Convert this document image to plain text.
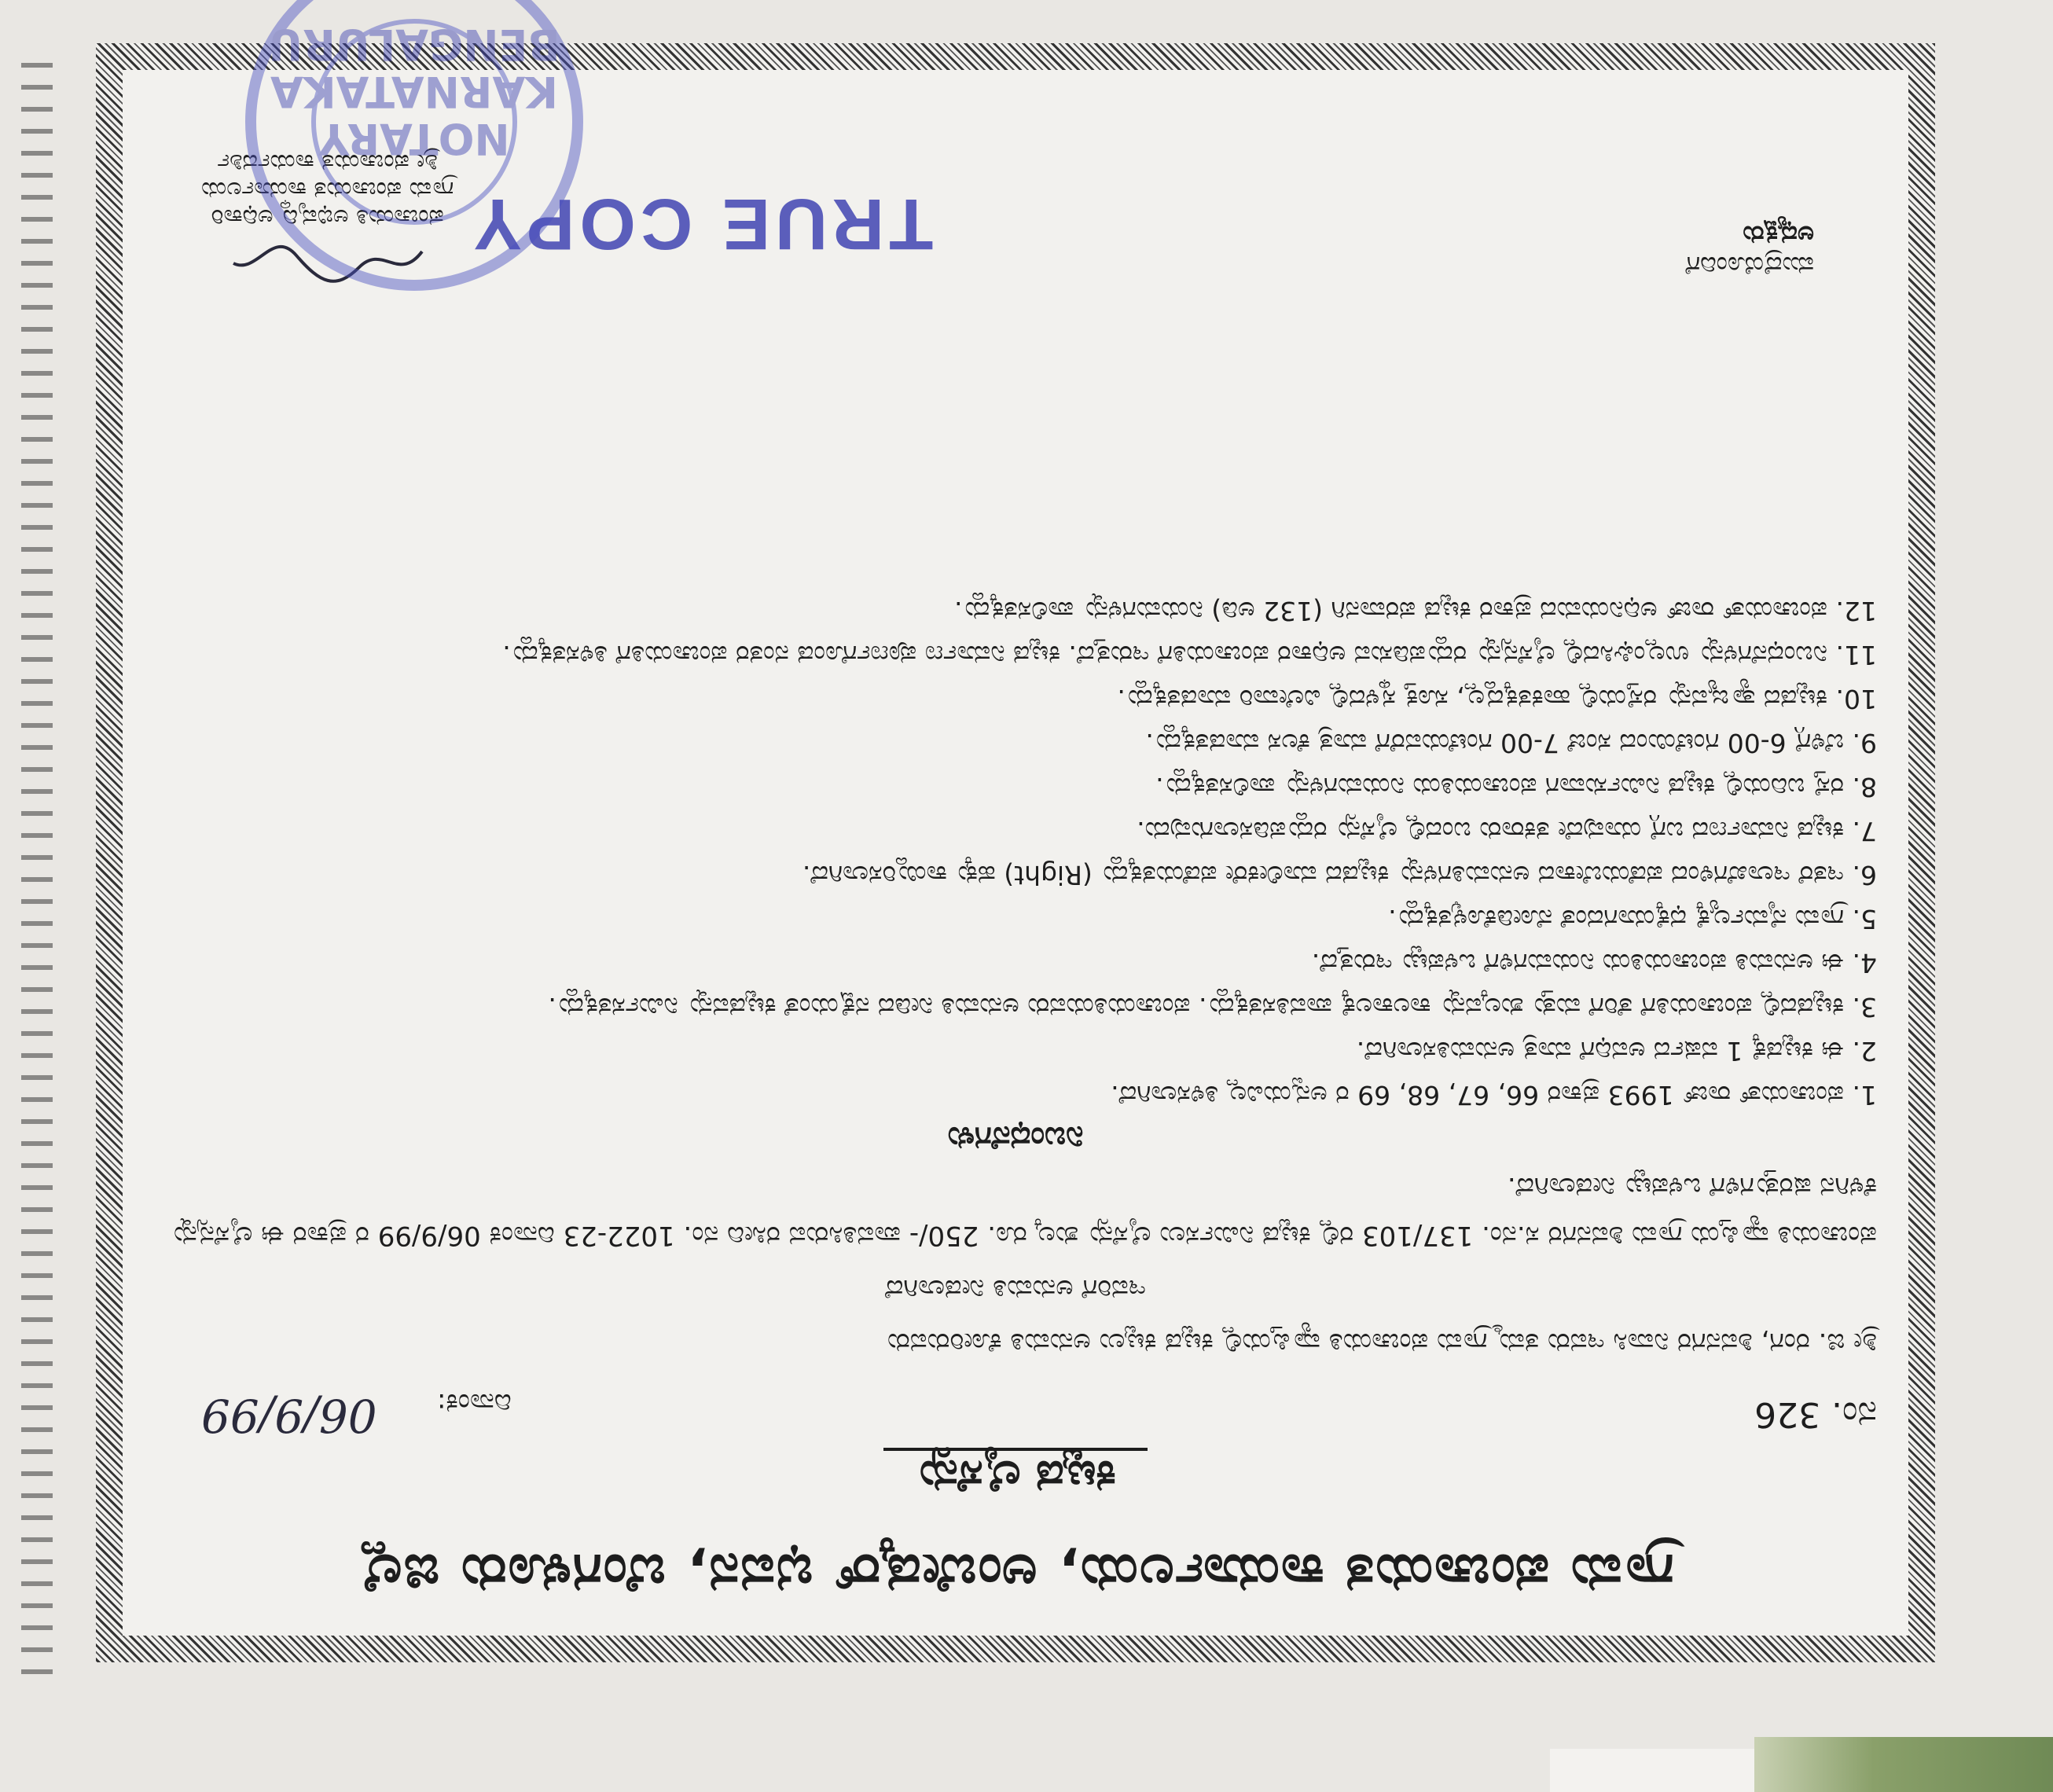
ಗ್ರಾಮ ಪಂಚಾಯತ ಕಾರ್ಯಾಲಯ, ಅಂಬೇಡ್ಕರ್ ಭವನ, ಬೆಂಗಳೂರು ಜಿಲ್ಲೆ
ಕಟ್ಟಡ ಲೈಸೆನ್ಸು
ನಂ. 326
ದಿನಾಂಕ:
06/9/99

ಶ್ರೀ ಜಿ. ರಂಗ, ಶಿವನಗರ ನಿವಾಸಿ ಇವರು ತಮ್ಮ ಗ್ರಾಮ ಪಂಚಾಯತಿ ವ್ಯಾಪ್ತಿಯಲ್ಲಿ ಕಟ್ಟಡ ಕಟ್ಟಲು ಅನುಮತಿ ಕೋರಿರುವರು

ಇವರಿಗೆ ಅನುಮತಿ ನೀಡಲಾಗಿದೆ

ಪಂಚಾಯತಿ ವ್ಯಾಪ್ತಿಯ ಗ್ರಾಮ ಶಿವನಗರ ಸ.ನಂ. 137/103 ರಲ್ಲಿ ಕಟ್ಟಡ ನಿರ್ಮಿಸಲು ಲೈಸೆನ್ಸು ಶುಲ್ಕ ರೂ. 250/- ಪಾವತಿಸಿರುವ ರಸೀದಿ ನಂ. 1022-23 ದಿನಾಂಕ 06/9/99 ರ ಪ್ರಕಾರ ಈ ಲೈಸೆನ್ಸನ್ನು ಕೆಳಗಿನ ಷರತ್ತುಗಳಿಗೆ ಒಳಪಟ್ಟು ನೀಡಲಾಗಿದೆ.

ನಿಬಂಧನೆಗಳು

1. ಪಂಚಾಯತ್ ರಾಜ್ 1993 ಪ್ರಕಾರ 66, 67, 68, 69 ರ ಅನ್ವಯವಿಲ್ಲ ತಿಳಿಸಲಾಗಿದೆ.

2. ಈ ಕಟ್ಟಡಕ್ಕೆ 1 ವರ್ಷದ ಅವಧಿಗೆ ಮಾತ್ರ ಅನುಮತಿಸಲಾಗಿದೆ.

3. ಕಟ್ಟಡದಲ್ಲಿ ಪಂಚಾಯತಿಗೆ ತೆರಿಗೆ ಮತ್ತು ಶುಲ್ಕವನ್ನು ಕಾಲಕಾಲಕ್ಕೆ ಪಾವತಿಸತಕ್ಕದ್ದು. ಪಂಚಾಯತಿಯವರು ಅನುಮತಿ ನೀಡಿದ ನಕ್ಷೆಯಂತೆ ಕಟ್ಟಡವನ್ನು ನಿರ್ಮಿಸತಕ್ಕದ್ದು.

4. ಈ ಅನುಮತಿ ಪಂಚಾಯತಿಯ ನಿಯಮಗಳಿಗೆ ಒಳಪಟ್ಟು ಇರುತ್ತದೆ.

5. ಗ್ರಾಮ ನೈರ್ಮಲ್ಯಕ್ಕೆ ಧಕ್ಕೆಯಾಗದಂತೆ ನೋಡಿಕೊಳ್ಳತಕ್ಕದ್ದು.

6. ಇತರೆ ಇಲಾಖೆಗಳಿಂದ ಪಡೆಯಬೇಕಾದ ಅನುಮತಿಗಳನ್ನು ಕಟ್ಟಡದ ಮಾಲೀಕರೇ ಪಡೆಯತಕ್ಕದ್ದು (Right) ಹಕ್ಕು ಕಾಯ್ದಿರಿಸಲಾಗಿದೆ.

7. ಕಟ್ಟಡ ನಿರ್ಮಾಣದ ಬಗ್ಗೆ ಯಾವುದೇ ತಕರಾರು ಬಂದಲ್ಲಿ ಲೈಸೆನ್ಸು ರದ್ದುಪಡಿಸಲಾಗುವುದು.

8. ರಸ್ತೆ ಬದಿಯಲ್ಲಿ ಕಟ್ಟಡ ನಿರ್ಮಿಸುವಾಗ ಪಂಚಾಯತಿಯ ನಿಯಮಗಳನ್ನು ಪಾಲಿಸತಕ್ಕದ್ದು.

9. ಬೆಳಿಗ್ಗೆ 6-00 ಗಂಟೆಯಿಂದ ಸಂಜೆ 7-00 ಗಂಟೆಯವರೆಗೆ ಮಾತ್ರ ಕೆಲಸ ಮಾಡತಕ್ಕದ್ದು.

10. ಕಟ್ಟಡದ ತ್ಯಾಜ್ಯವನ್ನು ರಸ್ತೆಯಲ್ಲಿ ಹಾಕತಕ್ಕದ್ದಲ್ಲ, ಸೂಕ್ತ ಸ್ಥಳದಲ್ಲಿ ವಿಲೇವಾರಿ ಮಾಡತಕ್ಕದ್ದು.

11. ನಿಬಂಧನೆಗಳನ್ನು ಉಲ್ಲಂಘಿಸಿದಲ್ಲಿ ಲೈಸೆನ್ಸನ್ನು ರದ್ದುಪಡಿಸುವ ಅಧಿಕಾರ ಪಂಚಾಯತಿಗೆ ಇರುತ್ತದೆ. ಕಟ್ಟಡ ನಿರ್ಮಾಣ ಪೂರ್ಣಗೊಂಡ ನಂತರ ಪಂಚಾಯತಿಗೆ ತಿಳಿಸತಕ್ಕದ್ದು.

12. ಪಂಚಾಯತ್ ರಾಜ್ ಅಧಿನಿಯಮದ ಪ್ರಕಾರ ಕಟ್ಟಡ ಪರವಾನಗಿ (132 ಅಡಿ) ನಿಯಮಗಳನ್ನು ಪಾಲಿಸತಕ್ಕದ್ದು.

ಮುದ್ರೆಯೊಂದಿಗೆ
ಅಧ್ಯಕ್ಷರು
ಪಂಚಾಯತಿ ಅಭಿವೃದ್ಧಿ ಅಧಿಕಾರಿ
ಗ್ರಾಮ ಪಂಚಾಯತ ಕಾರ್ಯಾಲಯ
ಶ್ರೀ ಪಂಚಾಯತ ಕಾರ್ಯದರ್ಶಿ
TRUE COPY
NOTARY KARNATAKA BENGALURU
